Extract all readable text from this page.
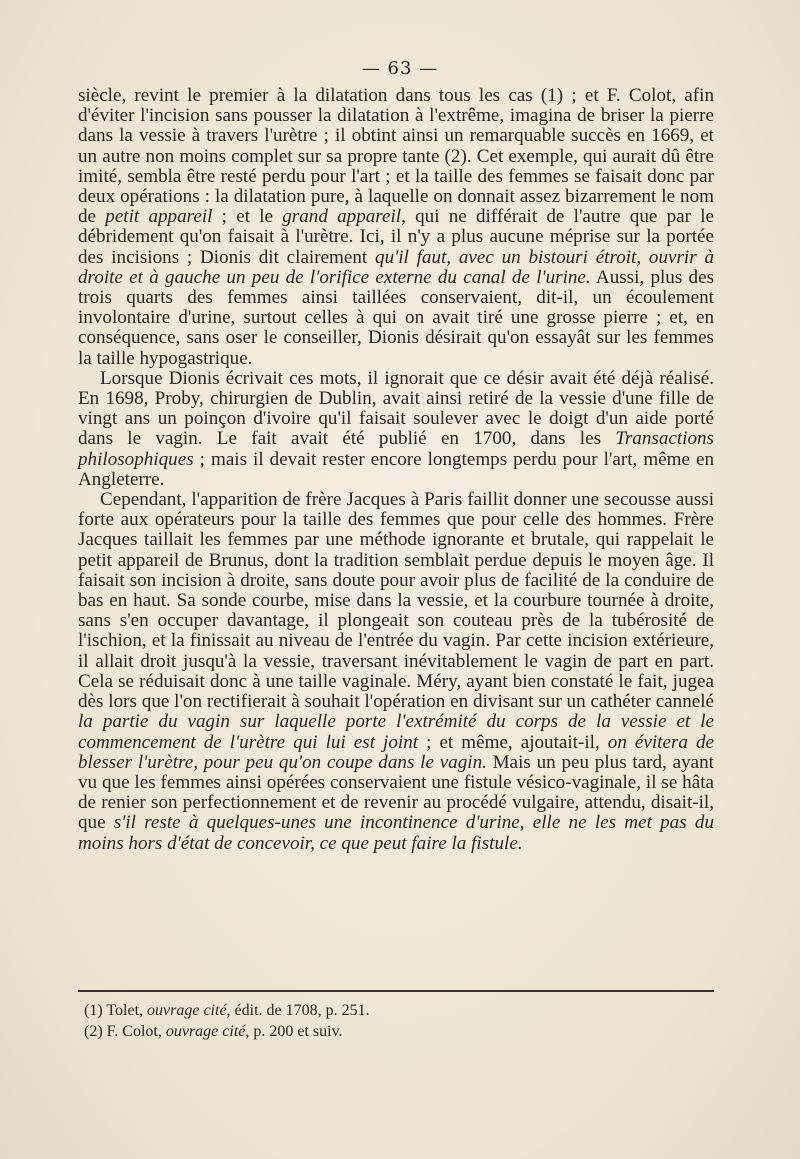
— 63 —

siècle, revint le premier à la dilatation dans tous les cas (1) ; et F. Colot, afin d'éviter l'incision sans pousser la dilatation à l'extrême, imagina de briser la pierre dans la vessie à travers l'urètre ; il obtint ainsi un remarquable succès en 1669, et un autre non moins complet sur sa propre tante (2). Cet exemple, qui aurait dû être imité, sembla être resté perdu pour l'art ; et la taille des femmes se faisait donc par deux opérations : la dilatation pure, à laquelle on donnait assez bizarrement le nom de petit appareil ; et le grand appareil, qui ne différait de l'autre que par le débridement qu'on faisait à l'urètre. Ici, il n'y a plus aucune méprise sur la portée des incisions ; Dionis dit clairement qu'il faut, avec un bistouri étroit, ouvrir à droite et à gauche un peu de l'orifice externe du canal de l'urine. Aussi, plus des trois quarts des femmes ainsi taillées conservaient, dit-il, un écoulement involontaire d'urine, surtout celles à qui on avait tiré une grosse pierre ; et, en conséquence, sans oser le conseiller, Dionis désirait qu'on essayât sur les femmes la taille hypogastrique.

Lorsque Dionis écrivait ces mots, il ignorait que ce désir avait été déjà réalisé. En 1698, Proby, chirurgien de Dublin, avait ainsi retiré de la vessie d'une fille de vingt ans un poinçon d'ivoire qu'il faisait soulever avec le doigt d'un aide porté dans le vagin. Le fait avait été publié en 1700, dans les Transactions philosophiques ; mais il devait rester encore longtemps perdu pour l'art, même en Angleterre.

Cependant, l'apparition de frère Jacques à Paris faillit donner une secousse aussi forte aux opérateurs pour la taille des femmes que pour celle des hommes. Frère Jacques taillait les femmes par une méthode ignorante et brutale, qui rappelait le petit appareil de Brunus, dont la tradition semblait perdue depuis le moyen âge. Il faisait son incision à droite, sans doute pour avoir plus de facilité de la conduire de bas en haut. Sa sonde courbe, mise dans la vessie, et la courbure tournée à droite, sans s'en occuper davantage, il plongeait son couteau près de la tubérosité de l'ischion, et la finissait au niveau de l'entrée du vagin. Par cette incision extérieure, il allait droit jusqu'à la vessie, traversant inévitablement le vagin de part en part. Cela se réduisait donc à une taille vaginale. Méry, ayant bien constaté le fait, jugea dès lors que l'on rectifierait à souhait l'opération en divisant sur un cathéter cannelé la partie du vagin sur laquelle porte l'extrémité du corps de la vessie et le commencement de l'urètre qui lui est joint ; et même, ajoutait-il, on évitera de blesser l'urètre, pour peu qu'on coupe dans le vagin. Mais un peu plus tard, ayant vu que les femmes ainsi opérées conservaient une fistule vésico-vaginale, il se hâta de renier son perfectionnement et de revenir au procédé vulgaire, attendu, disait-il, que s'il reste à quelques-unes une incontinence d'urine, elle ne les met pas du moins hors d'état de concevoir, ce que peut faire la fistule.

(1) Tolet, ouvrage cité, édit. de 1708, p. 251.

(2) F. Colot, ouvrage cité, p. 200 et suiv.
